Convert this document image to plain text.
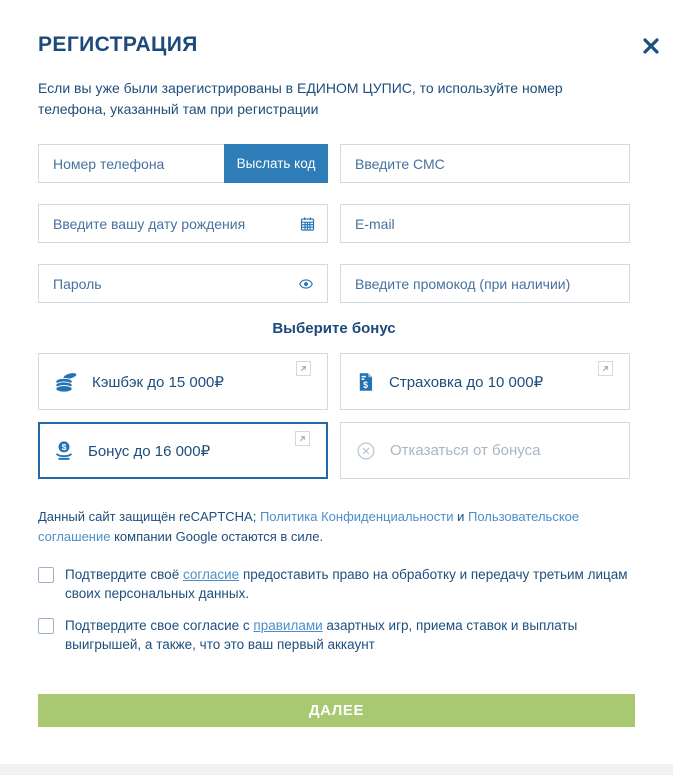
РЕГИСТРАЦИЯ

Если вы уже были зарегистрированы в ЕДИНОМ ЦУПИС, то используйте номер телефона, указанный там при регистрации

Номер телефона
Выслать код
Введите СМС
Введите вашу дату рождения
E-mail
Введите промокод (при наличии)
Выберите бонус
Кэшбэк до 15 000₽	$ Страховка до 10 000₽
$ Бонус до 16 000₽	Отказаться от бонуса

Данный сайт защищён reCAPTCHA; Политика Конфиденциальности и Пользовательское соглашение компании Google остаются в силе.

Подтвердите своё согласие предоставить право на обработку и передачу третьим лицам своих персональных данных.
Подтвердите свое согласие с правилами азартных игр, приема ставок и выплаты выигрышей, а также, что это ваш первый аккаунт
ДАЛЕЕ
